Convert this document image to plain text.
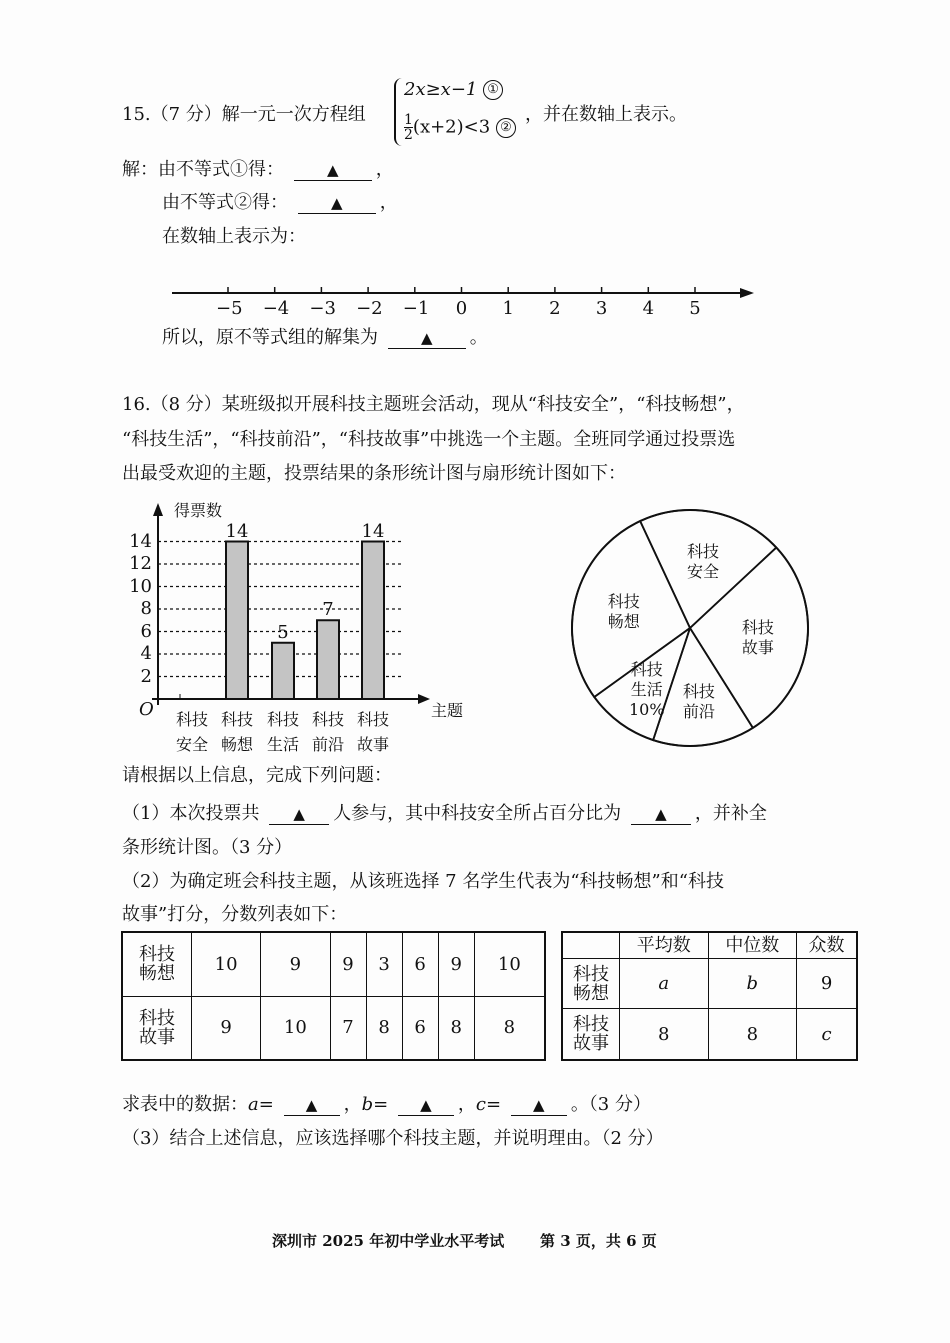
15.（7 分）解一元一次方程组
2x≥x−1 ①
$\frac{1}{2} (x+2)<3$ ②
，并在数轴上表示。
解：由不等式①得：	▲ ，
由不等式②得：	▲ ，
在数轴上表示为：
−5 −4 −3 −2 −1	0	1	2	3	4	5
所以，原不等式组的解集为	▲ 。
16.（8 分）某班级拟开展科技主题班会活动，现从“科技安全”，“科技畅想”，
“科技生活”，“科技前沿”，“科技故事”中挑选一个主题。全班同学通过投票选
出最受欢迎的主题，投票结果的条形统计图与扇形统计图如下：
2
4
6
8
10
12
14	14
5
7
14
科技
安全
科技
畅想
科技
生活
科技
前沿
科技
故事
得票数
主题
O
科技
安全
科技
故事
科技
前沿
科技
生活
10%
科技
畅想
请根据以上信息，完成下列问题：
（1）本次投票共 ▲ 人参与，其中科技安全所占百分比为 ▲ ，并补全
条形统计图。（3 分）
（2）为确定班会科技主题，从该班选择 7 名学生代表为“科技畅想”和“科技
故事”打分，分数列表如下：
科技
畅想	10	9	9	3	6	9	10
科技
故事	9	10	7	8	6	8	8
	平均数	中位数	众数
科技
畅想	a	b	9
科技
故事	8	8	c
求表中的数据：a= ▲ ，b= ▲ ，c= ▲ 。（3 分）
（3）结合上述信息，应该选择哪个科技主题，并说明理由。（2 分）
深圳市 2025 年初中学业水平考试 第 3 页，共 6 页
